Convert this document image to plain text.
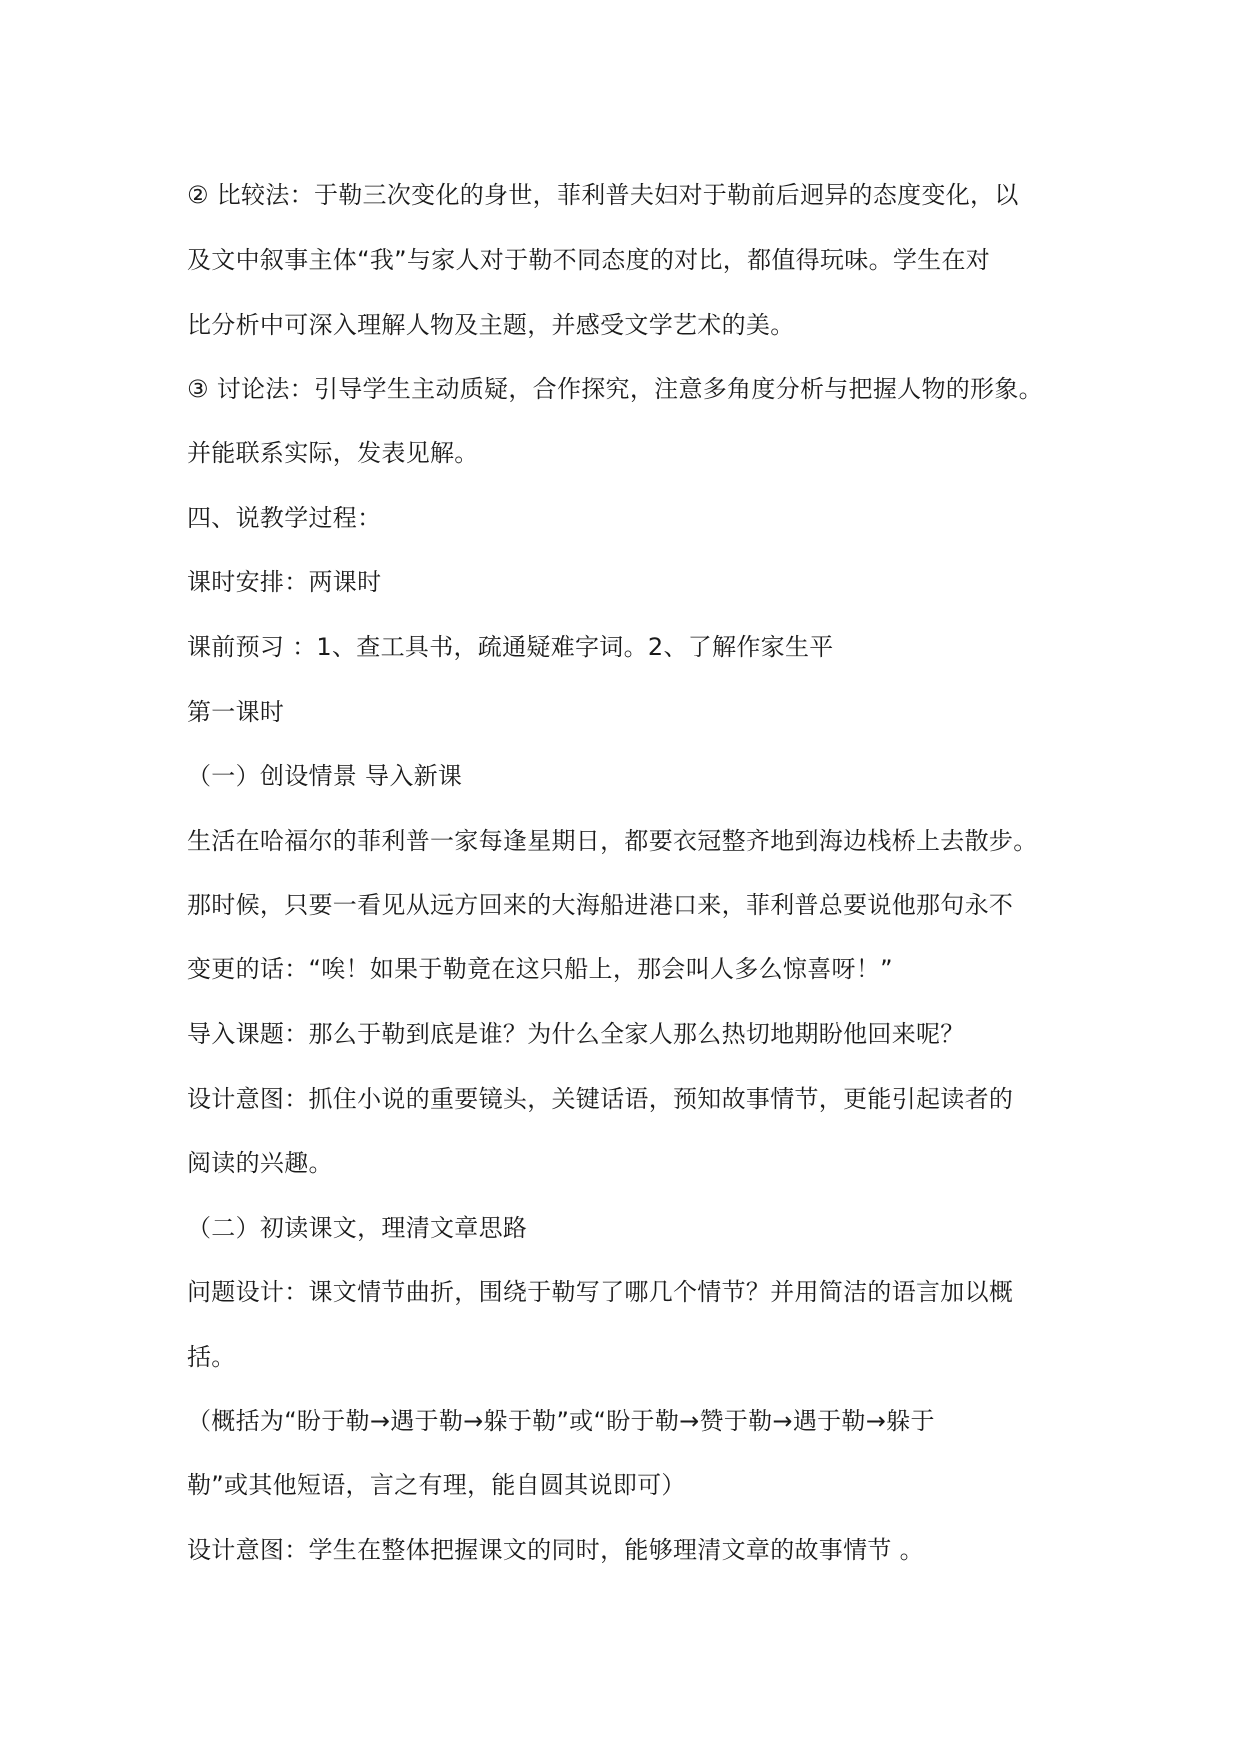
② 比较法：于勒三次变化的身世，菲利普夫妇对于勒前后迥异的态度变化，以
及文中叙事主体“我”与家人对于勒不同态度的对比，都值得玩味。学生在对
比分析中可深入理解人物及主题，并感受文学艺术的美。
③ 讨论法：引导学生主动质疑，合作探究，注意多角度分析与把握人物的形象。
并能联系实际，发表见解。
四、说教学过程：
课时安排：两课时
课前预习 ：1、查工具书，疏通疑难字词。2、了解作家生平
第一课时
（一）创设情景 导入新课
生活在哈福尔的菲利普一家每逢星期日，都要衣冠整齐地到海边栈桥上去散步。
那时候，只要一看见从远方回来的大海船进港口来，菲利普总要说他那句永不
变更的话：“唉！如果于勒竟在这只船上，那会叫人多么惊喜呀！”
导入课题：那么于勒到底是谁？为什么全家人那么热切地期盼他回来呢？
设计意图：抓住小说的重要镜头，关键话语，预知故事情节，更能引起读者的
阅读的兴趣。
（二）初读课文，理清文章思路
问题设计：课文情节曲折，围绕于勒写了哪几个情节？并用简洁的语言加以概
括。
（概括为“盼于勒→遇于勒→躲于勒”或“盼于勒→赞于勒→遇于勒→躲于
勒”或其他短语，言之有理，能自圆其说即可）
设计意图：学生在整体把握课文的同时，能够理清文章的故事情节 。
